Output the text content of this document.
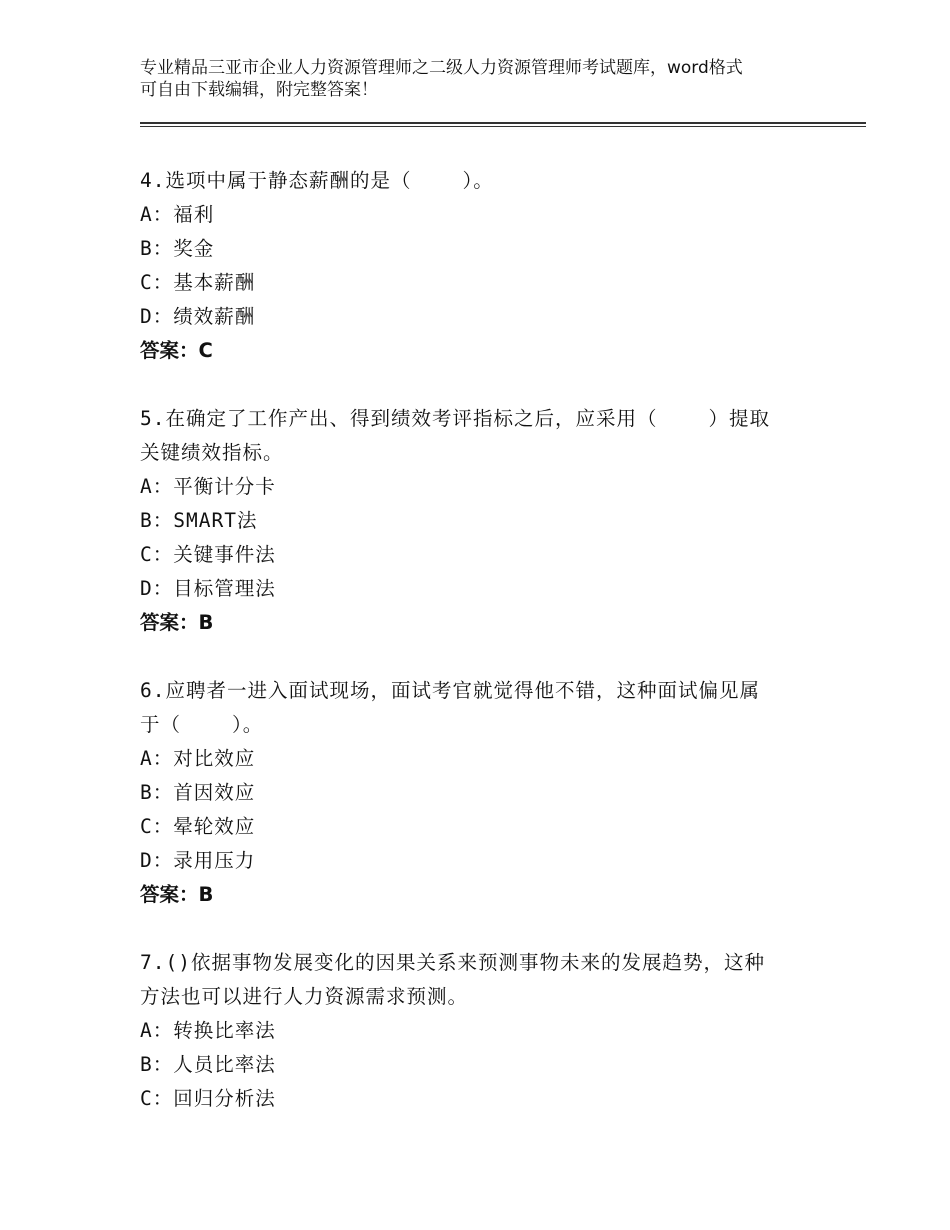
专业精品三亚市企业人力资源管理师之二级人力资源管理师考试题库，word格式
可自由下载编辑，附完整答案！
4.选项中属于静态薪酬的是（    ）。
A：福利
B：奖金
C：基本薪酬
D：绩效薪酬
答案：C
5.在确定了工作产出、得到绩效考评指标之后，应采用（    ）提取
关键绩效指标。
A：平衡计分卡
B：SMART法
C：关键事件法
D：目标管理法
答案：B
6.应聘者一进入面试现场，面试考官就觉得他不错，这种面试偏见属
于（    ）。
A：对比效应
B：首因效应
C：晕轮效应
D：录用压力
答案：B
7.()依据事物发展变化的因果关系来预测事物未来的发展趋势，这种
方法也可以进行人力资源需求预测。
A：转换比率法
B：人员比率法
C：回归分析法
